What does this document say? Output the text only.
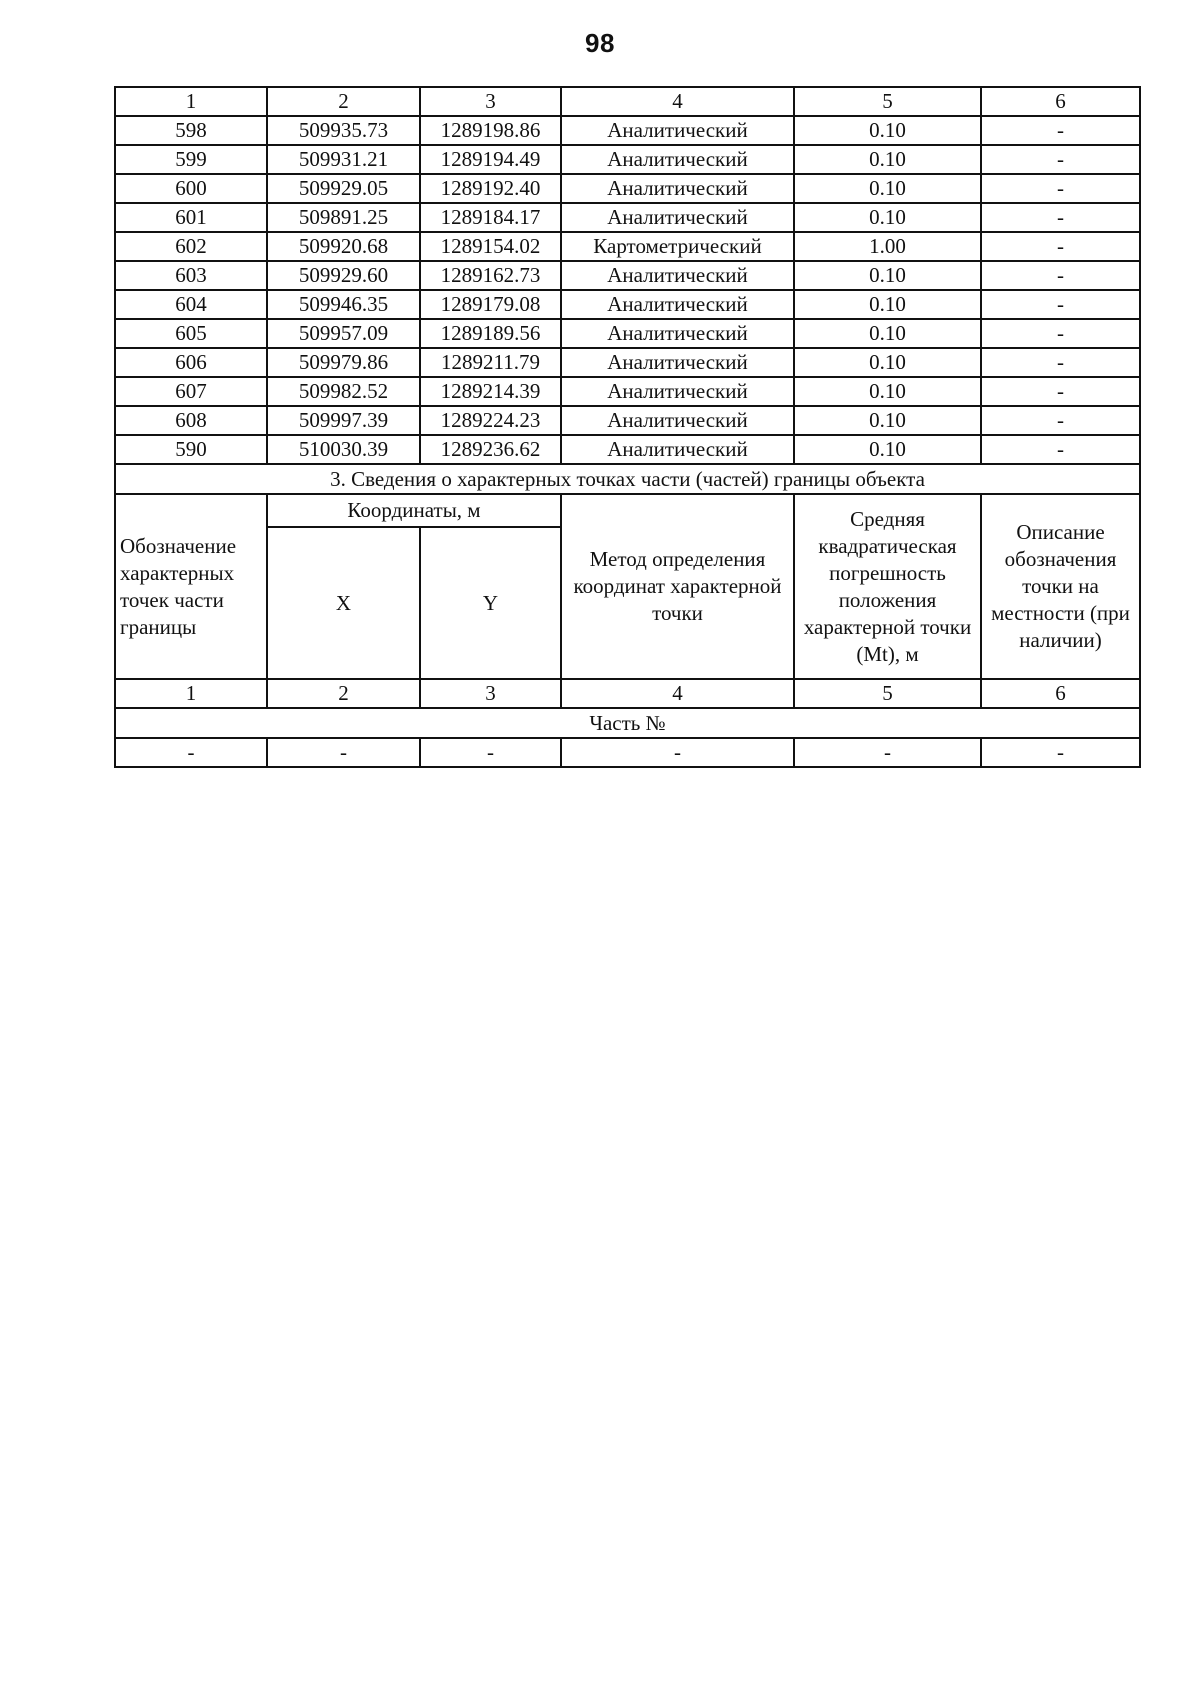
98
1	2	3	4	5	6
598	509935.73	1289198.86	Аналитический	0.10	-
599	509931.21	1289194.49	Аналитический	0.10	-
600	509929.05	1289192.40	Аналитический	0.10	-
601	509891.25	1289184.17	Аналитический	0.10	-
602	509920.68	1289154.02	Картометрический	1.00	-
603	509929.60	1289162.73	Аналитический	0.10	-
604	509946.35	1289179.08	Аналитический	0.10	-
605	509957.09	1289189.56	Аналитический	0.10	-
606	509979.86	1289211.79	Аналитический	0.10	-
607	509982.52	1289214.39	Аналитический	0.10	-
608	509997.39	1289224.23	Аналитический	0.10	-
590	510030.39	1289236.62	Аналитический	0.10	-
3. Сведения о характерных точках части (частей) границы объекта					

Обозначение
характерных
точек части
границы	Координаты, м		Метод определения координат характерной точки	Средняя квадратическая погрешность положения характерной точки (Mt), м	Описание обозначения точки на местности (при наличии)
	X	Y			
1	2	3	4	5	6
Часть №					
-	-	-	-	-	-
